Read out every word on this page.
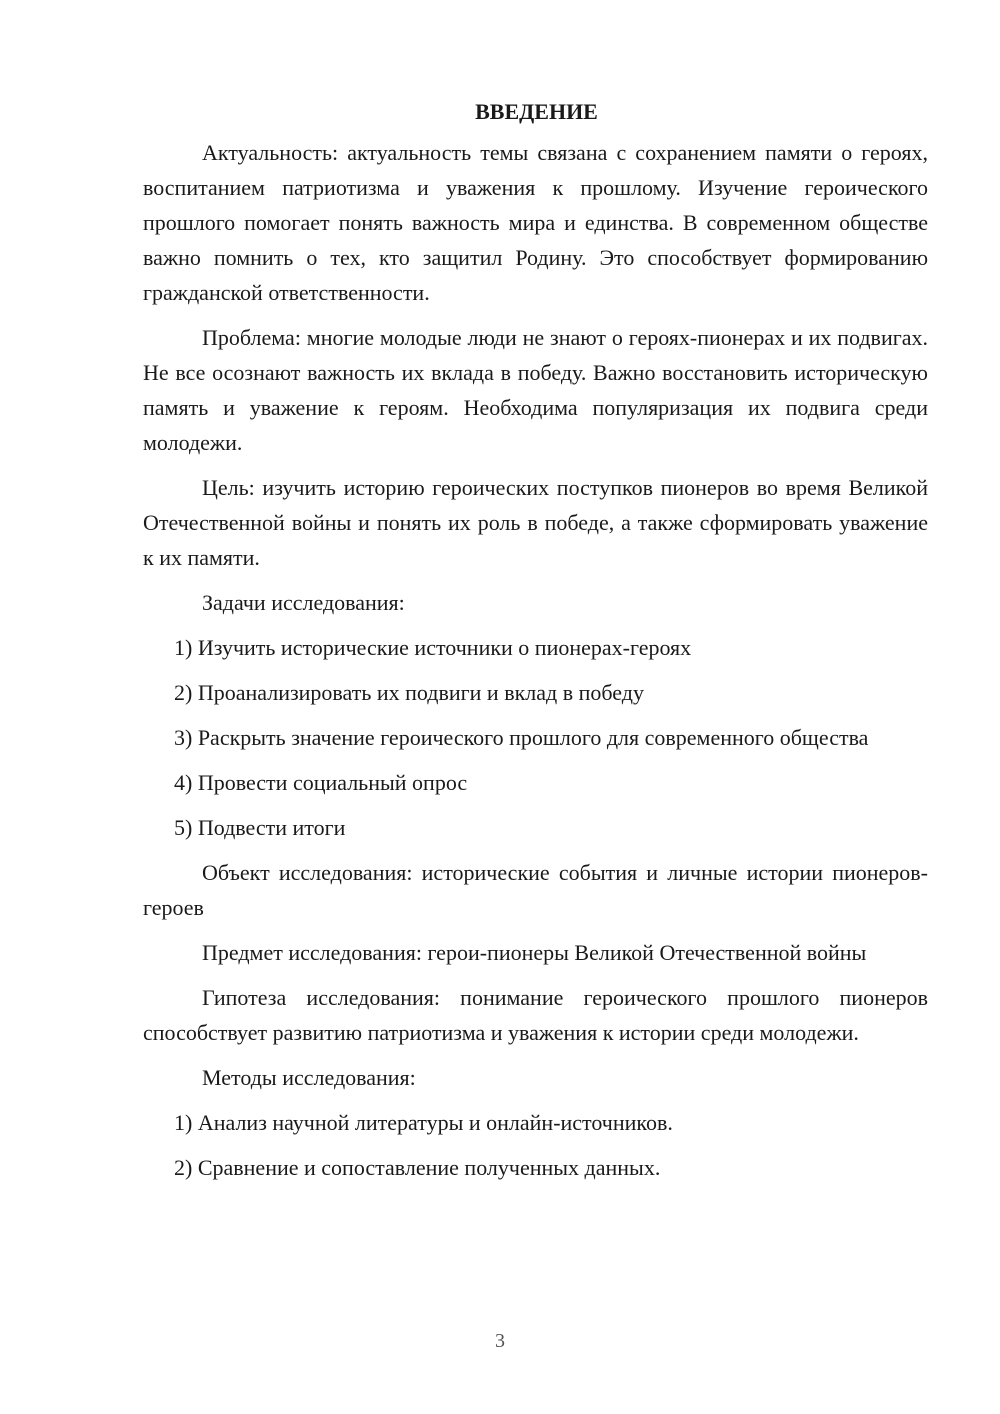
ВВЕДЕНИЕ
Актуальность: актуальность темы связана с сохранением памяти о героях, воспитанием патриотизма и уважения к прошлому. Изучение героического прошлого помогает понять важность мира и единства. В современном обществе важно помнить о тех, кто защитил Родину. Это способствует формированию гражданской ответственности.
Проблема: многие молодые люди не знают о героях-пионерах и их подвигах. Не все осознают важность их вклада в победу. Важно восстановить историческую память и уважение к героям. Необходима популяризация их подвига среди молодежи.
Цель: изучить историю героических поступков пионеров во время Великой Отечественной войны и понять их роль в победе, а также сформировать уважение к их памяти.
Задачи исследования:
1) Изучить исторические источники о пионерах-героях
2) Проанализировать их подвиги и вклад в победу
3) Раскрыть значение героического прошлого для современного общества
4) Провести социальный опрос
5) Подвести итоги
Объект исследования: исторические события и личные истории пионеров-героев
Предмет исследования: герои-пионеры Великой Отечественной войны
Гипотеза исследования: понимание героического прошлого пионеров способствует развитию патриотизма и уважения к истории среди молодежи.
Методы исследования:
1) Анализ научной литературы и онлайн-источников.
2) Сравнение и сопоставление полученных данных.
3
